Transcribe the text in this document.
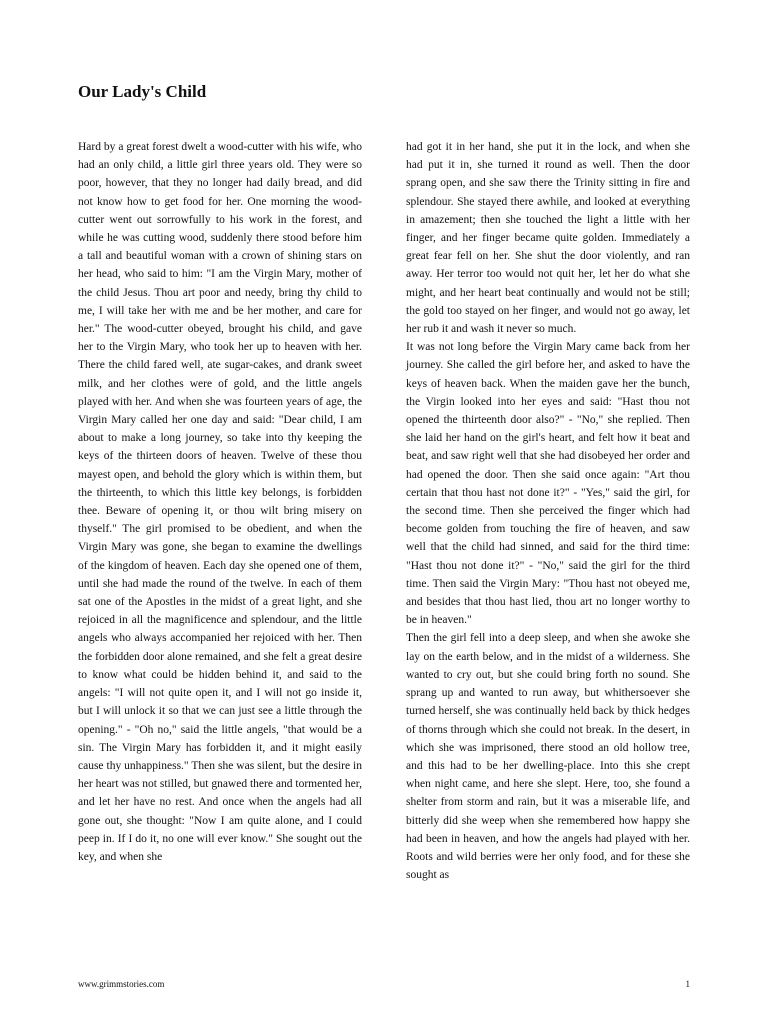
Our Lady's Child

Hard by a great forest dwelt a wood-cutter with his wife, who had an only child, a little girl three years old. They were so poor, however, that they no longer had daily bread, and did not know how to get food for her. One morning the wood-cutter went out sorrowfully to his work in the forest, and while he was cutting wood, suddenly there stood before him a tall and beautiful woman with a crown of shining stars on her head, who said to him: "I am the Virgin Mary, mother of the child Jesus. Thou art poor and needy, bring thy child to me, I will take her with me and be her mother, and care for her." The wood-cutter obeyed, brought his child, and gave her to the Virgin Mary, who took her up to heaven with her. There the child fared well, ate sugar-cakes, and drank sweet milk, and her clothes were of gold, and the little angels played with her. And when she was fourteen years of age, the Virgin Mary called her one day and said: "Dear child, I am about to make a long journey, so take into thy keeping the keys of the thirteen doors of heaven. Twelve of these thou mayest open, and behold the glory which is within them, but the thirteenth, to which this little key belongs, is forbidden thee. Beware of opening it, or thou wilt bring misery on thyself." The girl promised to be obedient, and when the Virgin Mary was gone, she began to examine the dwellings of the kingdom of heaven. Each day she opened one of them, until she had made the round of the twelve. In each of them sat one of the Apostles in the midst of a great light, and she rejoiced in all the magnificence and splendour, and the little angels who always accompanied her rejoiced with her. Then the forbidden door alone remained, and she felt a great desire to know what could be hidden behind it, and said to the angels: "I will not quite open it, and I will not go inside it, but I will unlock it so that we can just see a little through the opening." - "Oh no," said the little angels, "that would be a sin. The Virgin Mary has forbidden it, and it might easily cause thy unhappiness." Then she was silent, but the desire in her heart was not stilled, but gnawed there and tormented her, and let her have no rest. And once when the angels had all gone out, she thought: "Now I am quite alone, and I could peep in. If I do it, no one will ever know." She sought out the key, and when she

had got it in her hand, she put it in the lock, and when she had put it in, she turned it round as well. Then the door sprang open, and she saw there the Trinity sitting in fire and splendour. She stayed there awhile, and looked at everything in amazement; then she touched the light a little with her finger, and her finger became quite golden. Immediately a great fear fell on her. She shut the door violently, and ran away. Her terror too would not quit her, let her do what she might, and her heart beat continually and would not be still; the gold too stayed on her finger, and would not go away, let her rub it and wash it never so much.

It was not long before the Virgin Mary came back from her journey. She called the girl before her, and asked to have the keys of heaven back. When the maiden gave her the bunch, the Virgin looked into her eyes and said: "Hast thou not opened the thirteenth door also?" - "No," she replied. Then she laid her hand on the girl's heart, and felt how it beat and beat, and saw right well that she had disobeyed her order and had opened the door. Then she said once again: "Art thou certain that thou hast not done it?" - "Yes," said the girl, for the second time. Then she perceived the finger which had become golden from touching the fire of heaven, and saw well that the child had sinned, and said for the third time: "Hast thou not done it?" - "No," said the girl for the third time. Then said the Virgin Mary: "Thou hast not obeyed me, and besides that thou hast lied, thou art no longer worthy to be in heaven."

Then the girl fell into a deep sleep, and when she awoke she lay on the earth below, and in the midst of a wilderness. She wanted to cry out, but she could bring forth no sound. She sprang up and wanted to run away, but whithersoever she turned herself, she was continually held back by thick hedges of thorns through which she could not break. In the desert, in which she was imprisoned, there stood an old hollow tree, and this had to be her dwelling-place. Into this she crept when night came, and here she slept. Here, too, she found a shelter from storm and rain, but it was a miserable life, and bitterly did she weep when she remembered how happy she had been in heaven, and how the angels had played with her. Roots and wild berries were her only food, and for these she sought as

www.grimmstories.com	1
